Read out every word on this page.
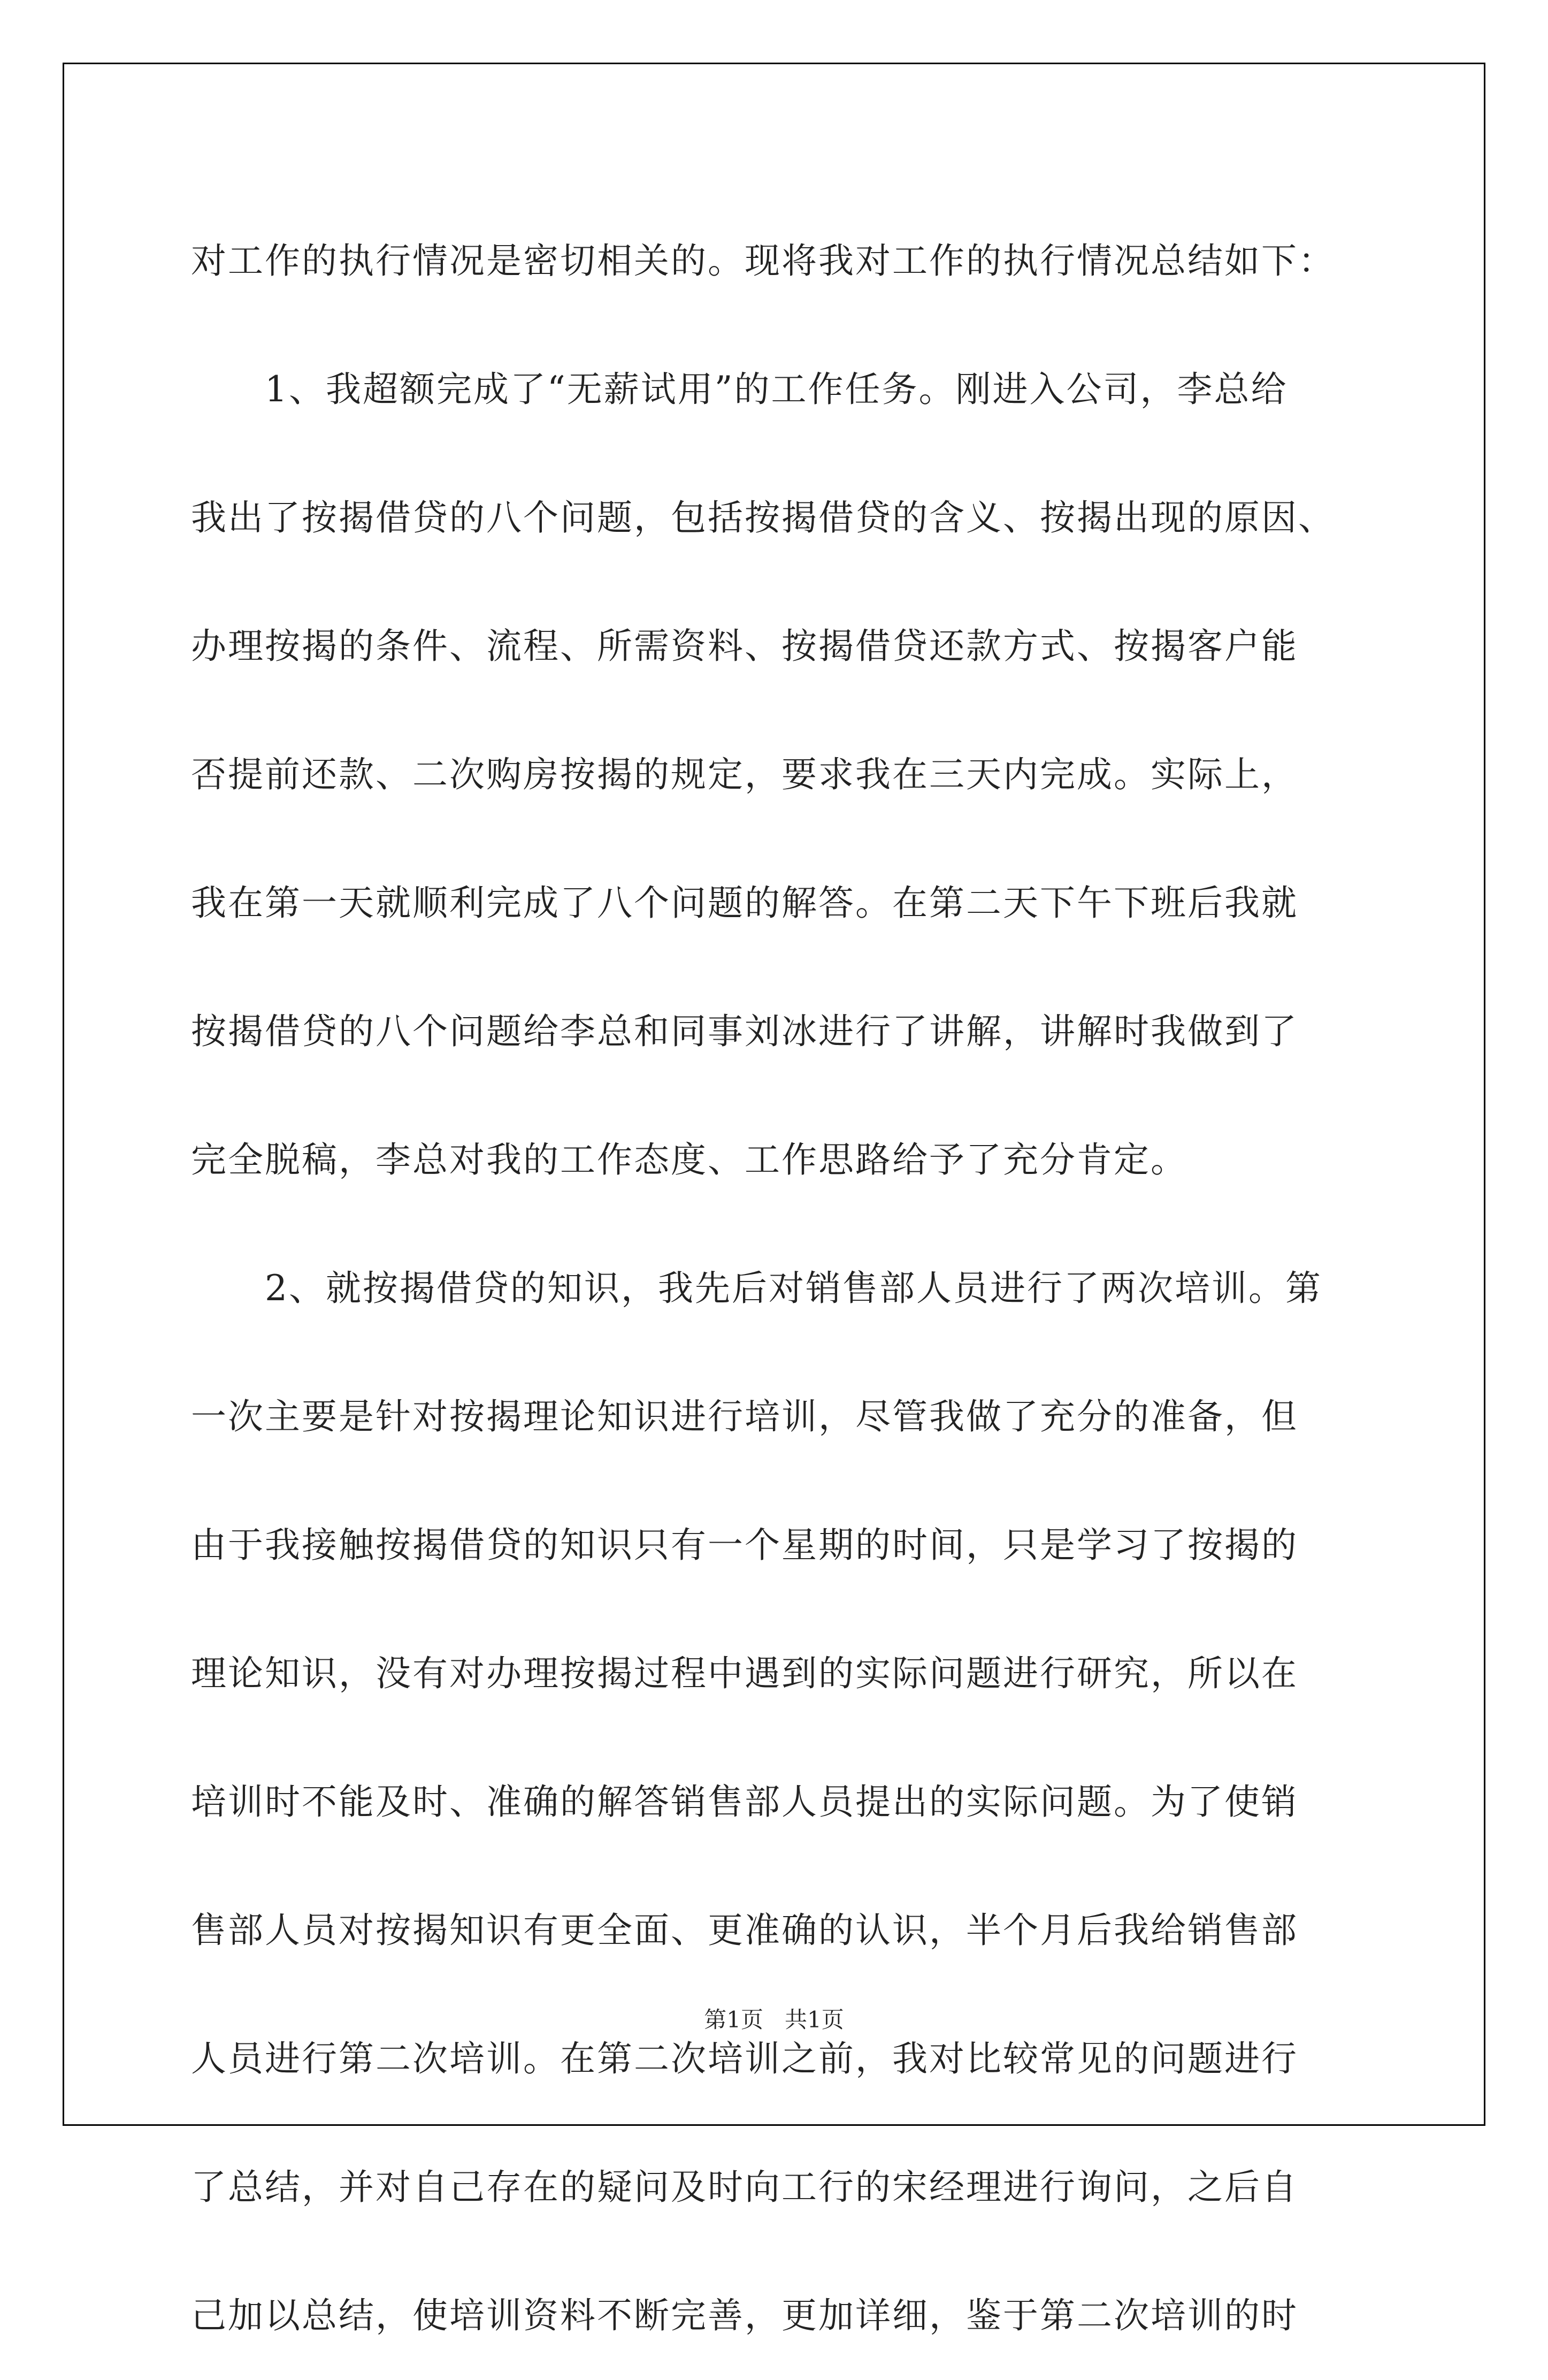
对工作的执行情况是密切相关的。现将我对工作的执行情况总结如下：
1、我超额完成了“无薪试用”的工作任务。刚进入公司，李总给
我出了按揭借贷的八个问题，包括按揭借贷的含义、按揭出现的原因、
办理按揭的条件、流程、所需资料、按揭借贷还款方式、按揭客户能
否提前还款、二次购房按揭的规定，要求我在三天内完成。实际上，
我在第一天就顺利完成了八个问题的解答。在第二天下午下班后我就
按揭借贷的八个问题给李总和同事刘冰进行了讲解，讲解时我做到了
完全脱稿，李总对我的工作态度、工作思路给予了充分肯定。
2、就按揭借贷的知识，我先后对销售部人员进行了两次培训。第
一次主要是针对按揭理论知识进行培训，尽管我做了充分的准备，但
由于我接触按揭借贷的知识只有一个星期的时间，只是学习了按揭的
理论知识，没有对办理按揭过程中遇到的实际问题进行研究，所以在
培训时不能及时、准确的解答销售部人员提出的实际问题。为了使销
售部人员对按揭知识有更全面、更准确的认识，半个月后我给销售部
人员进行第二次培训。在第二次培训之前，我对比较常见的问题进行
了总结，并对自己存在的疑问及时向工行的宋经理进行询问，之后自
己加以总结，使培训资料不断完善，更加详细，鉴于第二次培训的时
第1页   共1页
